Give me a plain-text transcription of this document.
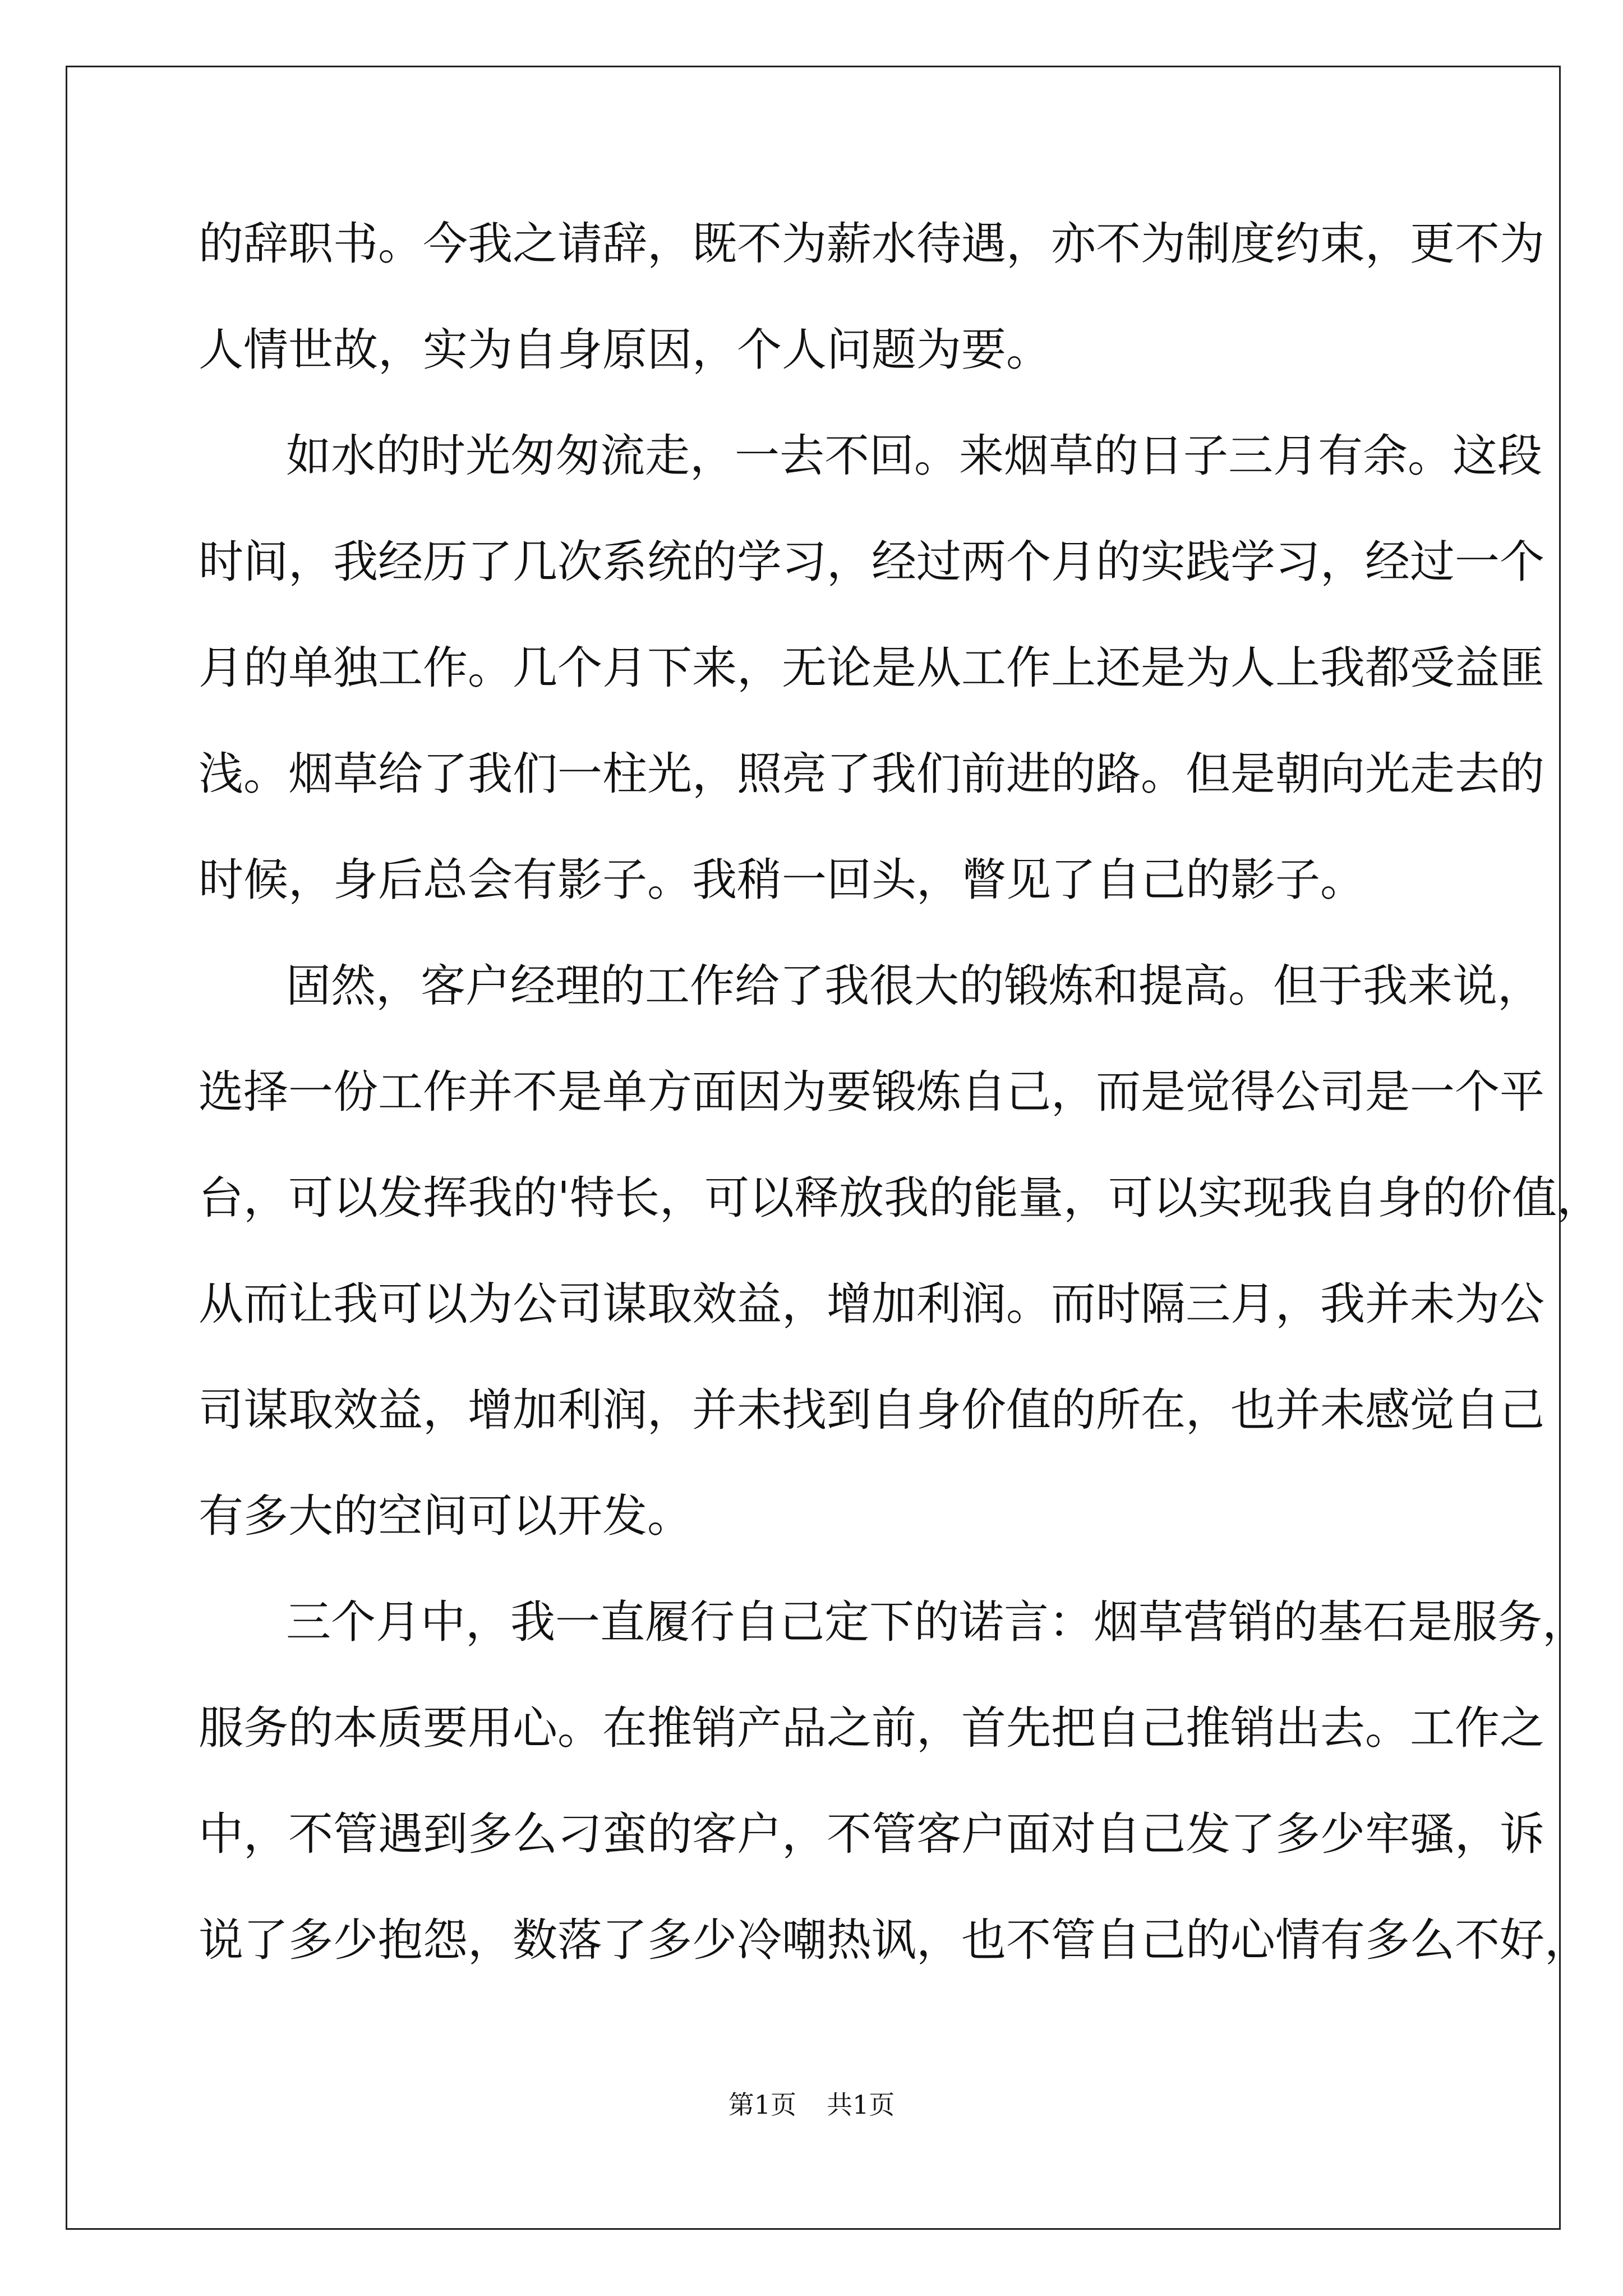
的辞职书。今我之请辞，既不为薪水待遇，亦不为制度约束，更不为
人情世故，实为自身原因，个人问题为要。
如水的时光匆匆流走，一去不回。来烟草的日子三月有余。这段
时间，我经历了几次系统的学习，经过两个月的实践学习，经过一个
月的单独工作。几个月下来，无论是从工作上还是为人上我都受益匪
浅。烟草给了我们一柱光，照亮了我们前进的路。但是朝向光走去的
时候，身后总会有影子。我稍一回头，瞥见了自己的影子。
固然，客户经理的工作给了我很大的锻炼和提高。但于我来说，
选择一份工作并不是单方面因为要锻炼自己，而是觉得公司是一个平
台，可以发挥我的'特长，可以释放我的能量，可以实现我自身的价值，
从而让我可以为公司谋取效益，增加利润。而时隔三月，我并未为公
司谋取效益，增加利润，并未找到自身价值的所在，也并未感觉自己
有多大的空间可以开发。
三个月中，我一直履行自己定下的诺言：烟草营销的基石是服务，
服务的本质要用心。在推销产品之前，首先把自己推销出去。工作之
中，不管遇到多么刁蛮的客户，不管客户面对自己发了多少牢骚，诉
说了多少抱怨，数落了多少冷嘲热讽，也不管自己的心情有多么不好，
第1页 共1页
